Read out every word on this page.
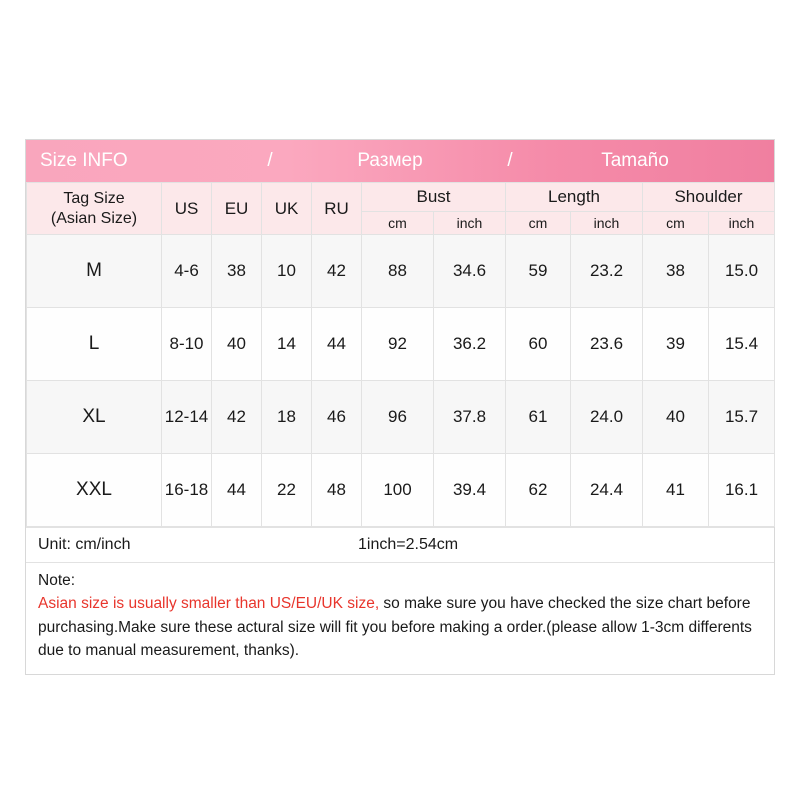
Size INFO	/	Размер	/	Tamaño
Tag Size
(Asian Size)	US	EU	UK	RU	Bust		Length		Shoulder	
					cm	inch	cm	inch	cm	inch
M	4-6	38	10	42	88	34.6	59	23.2	38	15.0
L	8-10	40	14	44	92	36.2	60	23.6	39	15.4
XL	12-14	42	18	46	96	37.8	61	24.0	40	15.7
XXL	16-18	44	22	48	100	39.4	62	24.4	41	16.1
Unit: cm/inch	1inch=2.54cm
Note:
Asian size is usually smaller than US/EU/UK size, so make sure you have checked the size chart before purchasing.Make sure these actural size will fit you before making a order.(please allow 1-3cm differents due to manual measurement, thanks).
